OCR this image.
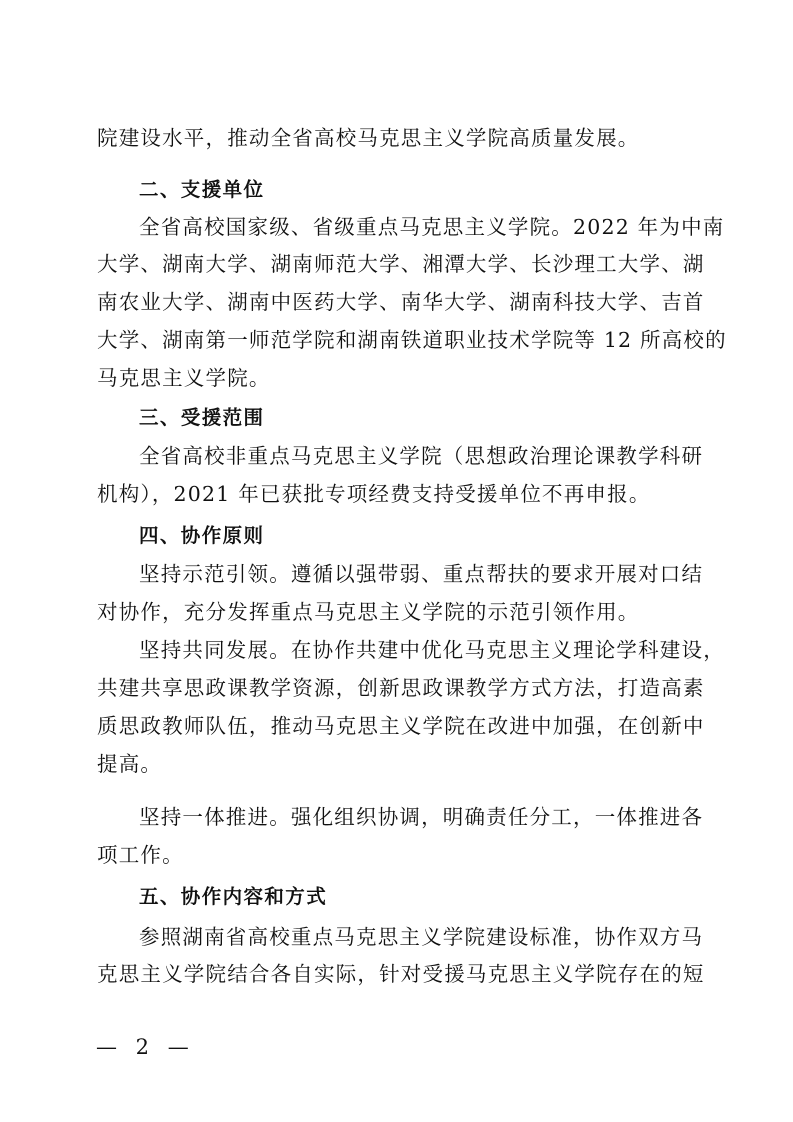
院建设水平，推动全省高校马克思主义学院高质量发展。
二、支援单位
全省高校国家级、省级重点马克思主义学院。2022 年为中南
大学、湖南大学、湖南师范大学、湘潭大学、长沙理工大学、湖
南农业大学、湖南中医药大学、南华大学、湖南科技大学、吉首
大学、湖南第一师范学院和湖南铁道职业技术学院等 12 所高校的
马克思主义学院。
三、受援范围
全省高校非重点马克思主义学院（思想政治理论课教学科研
机构），2021 年已获批专项经费支持受援单位不再申报。
四、协作原则
坚持示范引领。遵循以强带弱、重点帮扶的要求开展对口结
对协作，充分发挥重点马克思主义学院的示范引领作用。
坚持共同发展。在协作共建中优化马克思主义理论学科建设，
共建共享思政课教学资源，创新思政课教学方式方法，打造高素
质思政教师队伍，推动马克思主义学院在改进中加强，在创新中
提高。
坚持一体推进。强化组织协调，明确责任分工，一体推进各
项工作。
五、协作内容和方式
参照湖南省高校重点马克思主义学院建设标准，协作双方马
克思主义学院结合各自实际，针对受援马克思主义学院存在的短
— 2 —
